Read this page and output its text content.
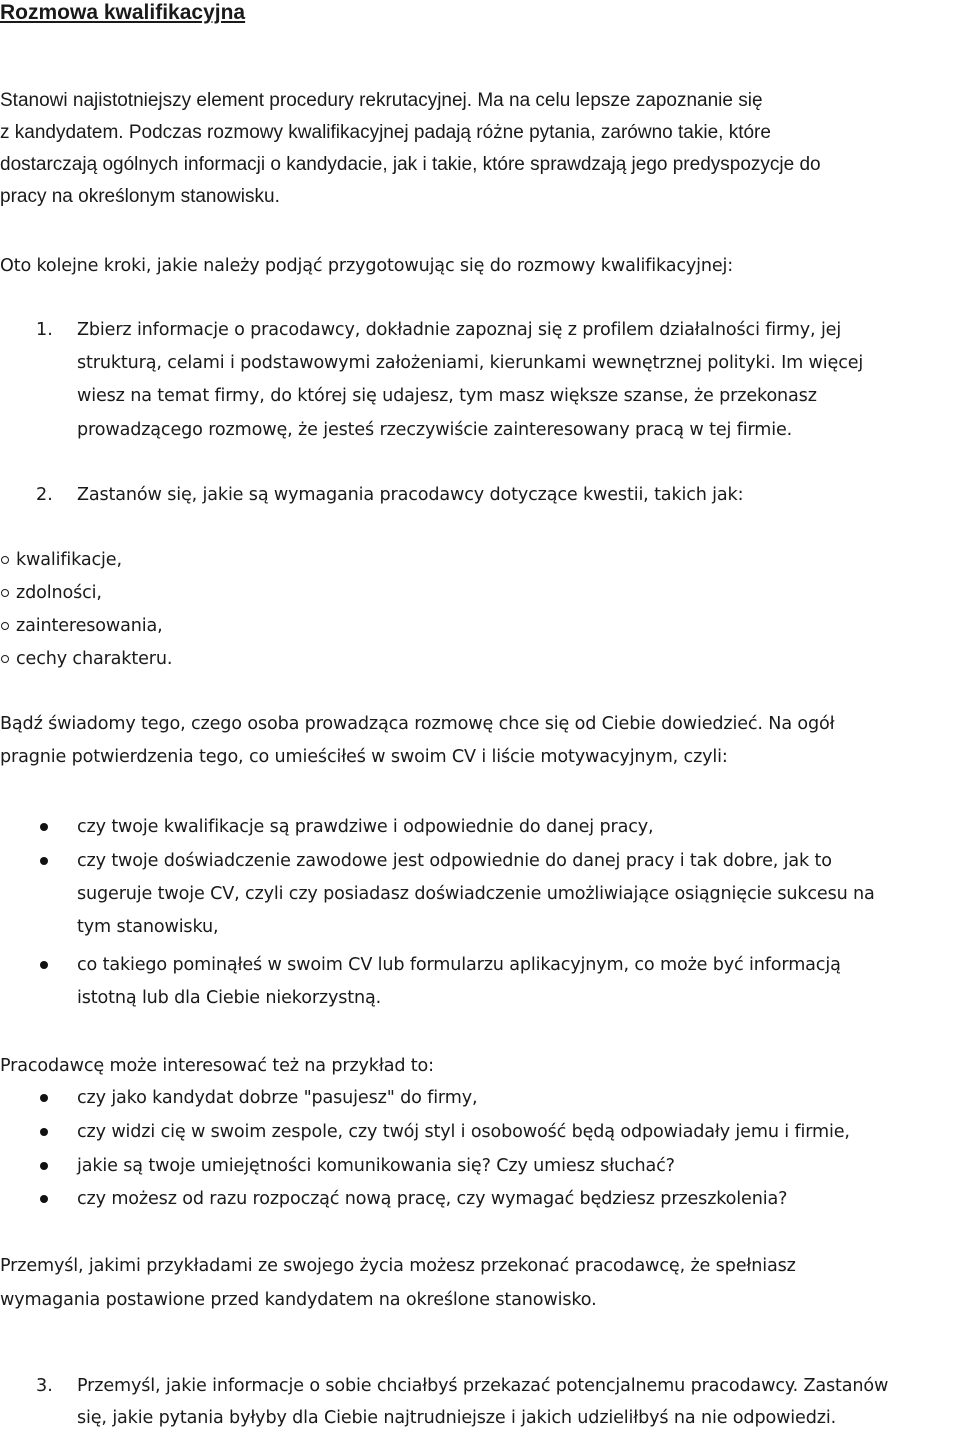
Rozmowa kwalifikacyjna
Stanowi najistotniejszy element procedury rekrutacyjnej. Ma na celu lepsze zapoznanie się
z kandydatem. Podczas rozmowy kwalifikacyjnej padają różne pytania, zarówno takie, które
dostarczają ogólnych informacji o kandydacie, jak i takie, które sprawdzają jego predyspozycje do
pracy na określonym stanowisku.
Oto kolejne kroki, jakie należy podjąć przygotowując się do rozmowy kwalifikacyjnej:
1. Zbierz informacje o pracodawcy, dokładnie zapoznaj się z profilem działalności firmy, jej
strukturą, celami i podstawowymi założeniami, kierunkami wewnętrznej polityki. Im więcej
wiesz na temat firmy, do której się udajesz, tym masz większe szanse, że przekonasz
prowadzącego rozmowę, że jesteś rzeczywiście zainteresowany pracą w tej firmie.
2. Zastanów się, jakie są wymagania pracodawcy dotyczące kwestii, takich jak:
kwalifikacje,
zdolności,
zainteresowania,
cechy charakteru.
Bądź świadomy tego, czego osoba prowadząca rozmowę chce się od Ciebie dowiedzieć. Na ogół
pragnie potwierdzenia tego, co umieściłeś w swoim CV i liście motywacyjnym, czyli:
czy twoje kwalifikacje są prawdziwe i odpowiednie do danej pracy,
czy twoje doświadczenie zawodowe jest odpowiednie do danej pracy i tak dobre, jak to
sugeruje twoje CV, czyli czy posiadasz doświadczenie umożliwiające osiągnięcie sukcesu na
tym stanowisku,
co takiego pominąłeś w swoim CV lub formularzu aplikacyjnym, co może być informacją
istotną lub dla Ciebie niekorzystną.
Pracodawcę może interesować też na przykład to:
czy jako kandydat dobrze "pasujesz" do firmy,
czy widzi cię w swoim zespole, czy twój styl i osobowość będą odpowiadały jemu i firmie,
jakie są twoje umiejętności komunikowania się? Czy umiesz słuchać?
czy możesz od razu rozpocząć nową pracę, czy wymagać będziesz przeszkolenia?
Przemyśl, jakimi przykładami ze swojego życia możesz przekonać pracodawcę, że spełniasz
wymagania postawione przed kandydatem na określone stanowisko.
3. Przemyśl, jakie informacje o sobie chciałbyś przekazać potencjalnemu pracodawcy. Zastanów
się, jakie pytania byłyby dla Ciebie najtrudniejsze i jakich udzieliłbyś na nie odpowiedzi.
